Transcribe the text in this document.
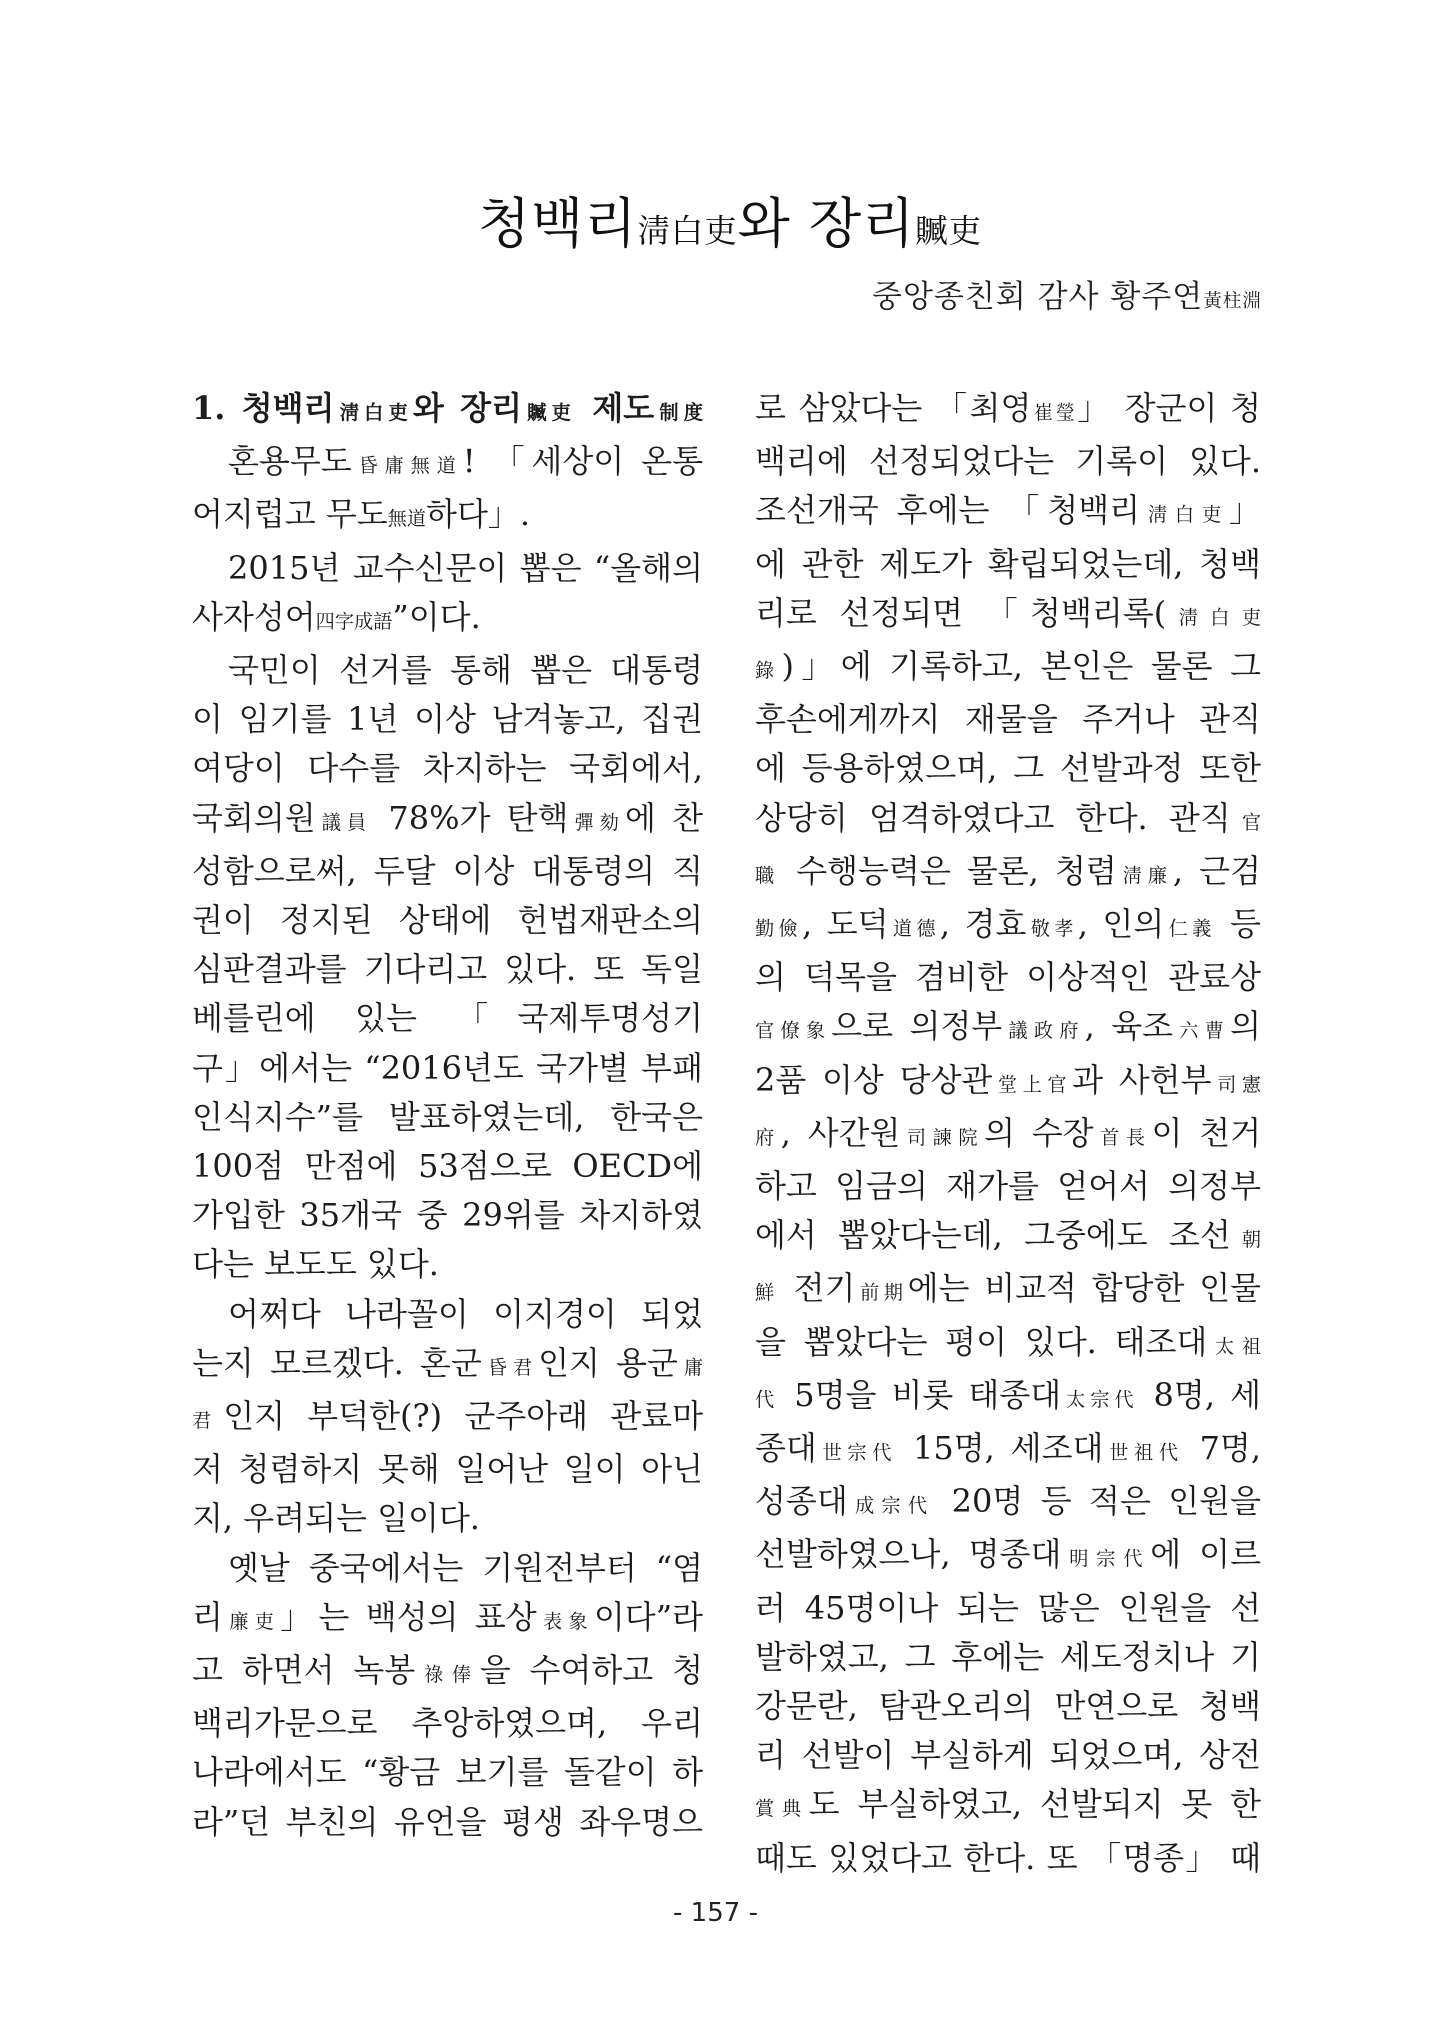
청백리淸白吏와 장리贓吏
중앙종친회 감사 황주연黃柱淵
1. 청백리淸白吏와 장리贓吏 제도制度
혼용무도昏庸無道! 「세상이 온통
어지럽고 무도無道하다」.
2015년 교수신문이 뽑은 “올해의
사자성어四字成語”이다.
국민이 선거를 통해 뽑은 대통령
이 임기를 1년 이상 남겨놓고, 집권
여당이 다수를 차지하는 국회에서,
국회의원議員 78%가 탄핵彈劾에 찬
성함으로써, 두달 이상 대통령의 직
권이 정지된 상태에 헌법재판소의
심판결과를 기다리고 있다. 또 독일
베를린에 있는 「국제투명성기
구」에서는 “2016년도 국가별 부패
인식지수”를 발표하였는데, 한국은
100점 만점에 53점으로 OECD에
가입한 35개국 중 29위를 차지하였
다는 보도도 있다.
어쩌다 나라꼴이 이지경이 되었
는지 모르겠다. 혼군昏君인지 용군庸
君인지 부덕한(?) 군주아래 관료마
저 청렴하지 못해 일어난 일이 아닌
지, 우려되는 일이다.
옛날 중국에서는 기원전부터 “염
리廉吏」는 백성의 표상表象이다”라
고 하면서 녹봉祿俸을 수여하고 청
백리가문으로 추앙하였으며, 우리
나라에서도 “황금 보기를 돌같이 하
라”던 부친의 유언을 평생 좌우명으
로 삼았다는 「최영崔瑩」 장군이 청
백리에 선정되었다는 기록이 있다.
조선개국 후에는 「청백리淸白吏」
에 관한 제도가 확립되었는데, 청백
리로 선정되면 「청백리록(淸白吏
錄)」에 기록하고, 본인은 물론 그
후손에게까지 재물을 주거나 관직
에 등용하였으며, 그 선발과정 또한
상당히 엄격하였다고 한다. 관직官
職 수행능력은 물론, 청렴淸廉, 근검
勤儉, 도덕道德, 경효敬孝, 인의仁義 등
의 덕목을 겸비한 이상적인 관료상
官僚象으로 의정부議政府, 육조六曹의
2품 이상 당상관堂上官과 사헌부司憲
府, 사간원司諫院의 수장首長이 천거
하고 임금의 재가를 얻어서 의정부
에서 뽑았다는데, 그중에도 조선朝
鮮 전기前期에는 비교적 합당한 인물
을 뽑았다는 평이 있다. 태조대太祖
代 5명을 비롯 태종대太宗代 8명, 세
종대世宗代 15명, 세조대世祖代 7명,
성종대成宗代 20명 등 적은 인원을
선발하였으나, 명종대明宗代에 이르
러 45명이나 되는 많은 인원을 선
발하였고, 그 후에는 세도정치나 기
강문란, 탐관오리의 만연으로 청백
리 선발이 부실하게 되었으며, 상전
賞典도 부실하였고, 선발되지 못 한
때도 있었다고 한다. 또 「명종」 때
- 157 -
